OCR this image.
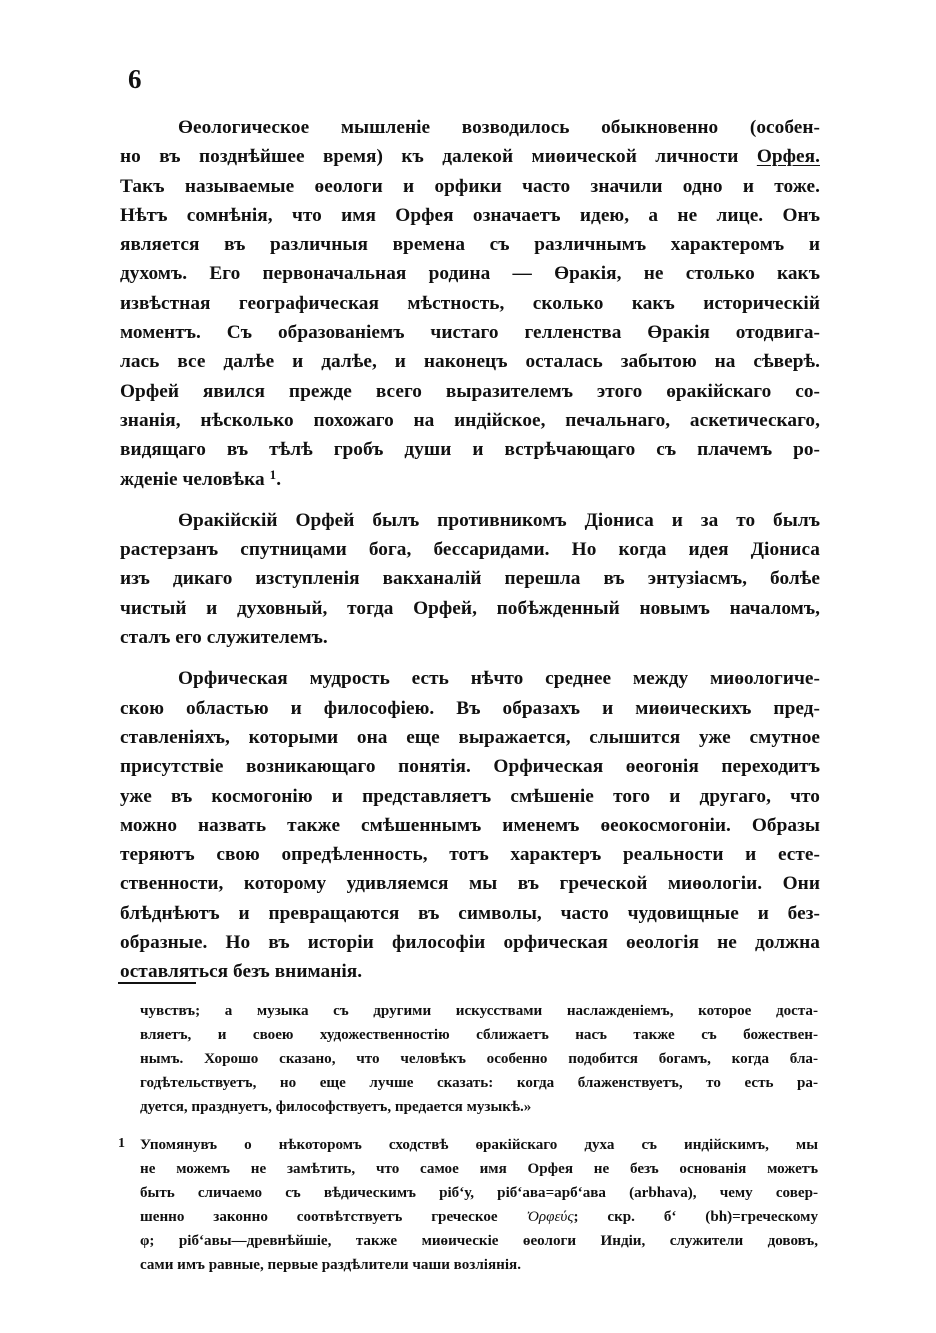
6

Өеологическое мышленіе возводилось обыкновенно (особен-
но въ позднѣйшее время) къ далекой миөической личности Орфея.
Такъ называемые өеологи и орфики часто значили одно и тоже.
Нѣтъ сомнѣнія, что имя Орфея означаетъ идею, а не лице. Онъ
является въ различныя времена съ различнымъ характеромъ и
духомъ. Его первоначальная родина — Өракія, не столько какъ
извѣстная географическая мѣстность, сколько какъ историческій
моментъ. Съ образованіемъ чистаго гелленства Өракія отодвига-
лась все далѣе и далѣе, и наконецъ осталась забытою на сѣверѣ.
Орфей явился прежде всего выразителемъ этого өракійскаго со-
знанія, нѣсколько похожаго на индійское, печальнаго, аскетическаго,
видящаго въ тѣлѣ гробъ души и встрѣчающаго съ плачемъ ро-
жденіе человѣка $^1$.

Өракійскій Орфей былъ противникомъ Діониса и за то былъ
растерзанъ спутницами бога, бессаридами. Но когда идея Діониса
изъ дикаго изступленія вакханалій перешла въ энтузіасмъ, болѣе
чистый и духовный, тогда Орфей, побѣжденный новымъ началомъ,
сталъ его служителемъ.

Орфическая мудрость есть нѣчто среднее между миөологиче-
скою областью и философіею. Въ образахъ и миөическихъ пред-
ставленіяхъ, которыми она еще выражается, слышится уже смутное
присутствіе возникающаго понятія. Орфическая өеогонія переходитъ
уже въ космогонію и представляетъ смѣшеніе того и другаго, что
можно назвать также смѣшеннымъ именемъ өеокосмогоніи. Образы
теряютъ свою опредѣленность, тотъ характеръ реальности и есте-
ственности, которому удивляемся мы въ греческой миөологіи. Они
блѣднѣютъ и превращаются въ символы, часто чудовищные и без-
образные. Но въ исторіи философіи орфическая өеологія не должна
оставляться безъ вниманія.

чувствъ; а музыка съ другими искусствами наслажденіемъ, которое доста-
вляетъ, и своею художественностію сближаетъ насъ также съ божествен-
нымъ. Хорошо сказано, что человѣкъ особенно подобится богамъ, когда бла-
годѣтельствуетъ, но еще лучше сказать: когда блаженствуетъ, то есть ра-
дуется, празднуетъ, философствуетъ, предается музыкѣ.»
1 Упомянувъ о нѣкоторомъ сходствѣ өракійскаго духа съ индійскимъ, мы
не можемъ не замѣтить, что самое имя Орфея не безъ основанія можетъ
быть сличаемо съ вѣдическимъ рібʻу, рібʻава=арбʻава (arbhava), чему совер-
шенно законно соотвѣтствуетъ греческое Ὀρφεύς; скр. бʻ (bh)=греческому
φ; рібʻавы—древнѣйшіе, также миөическіе өеологи Индіи, служители дововъ,
сами имъ равные, первые раздѣлители чаши возліянія.
